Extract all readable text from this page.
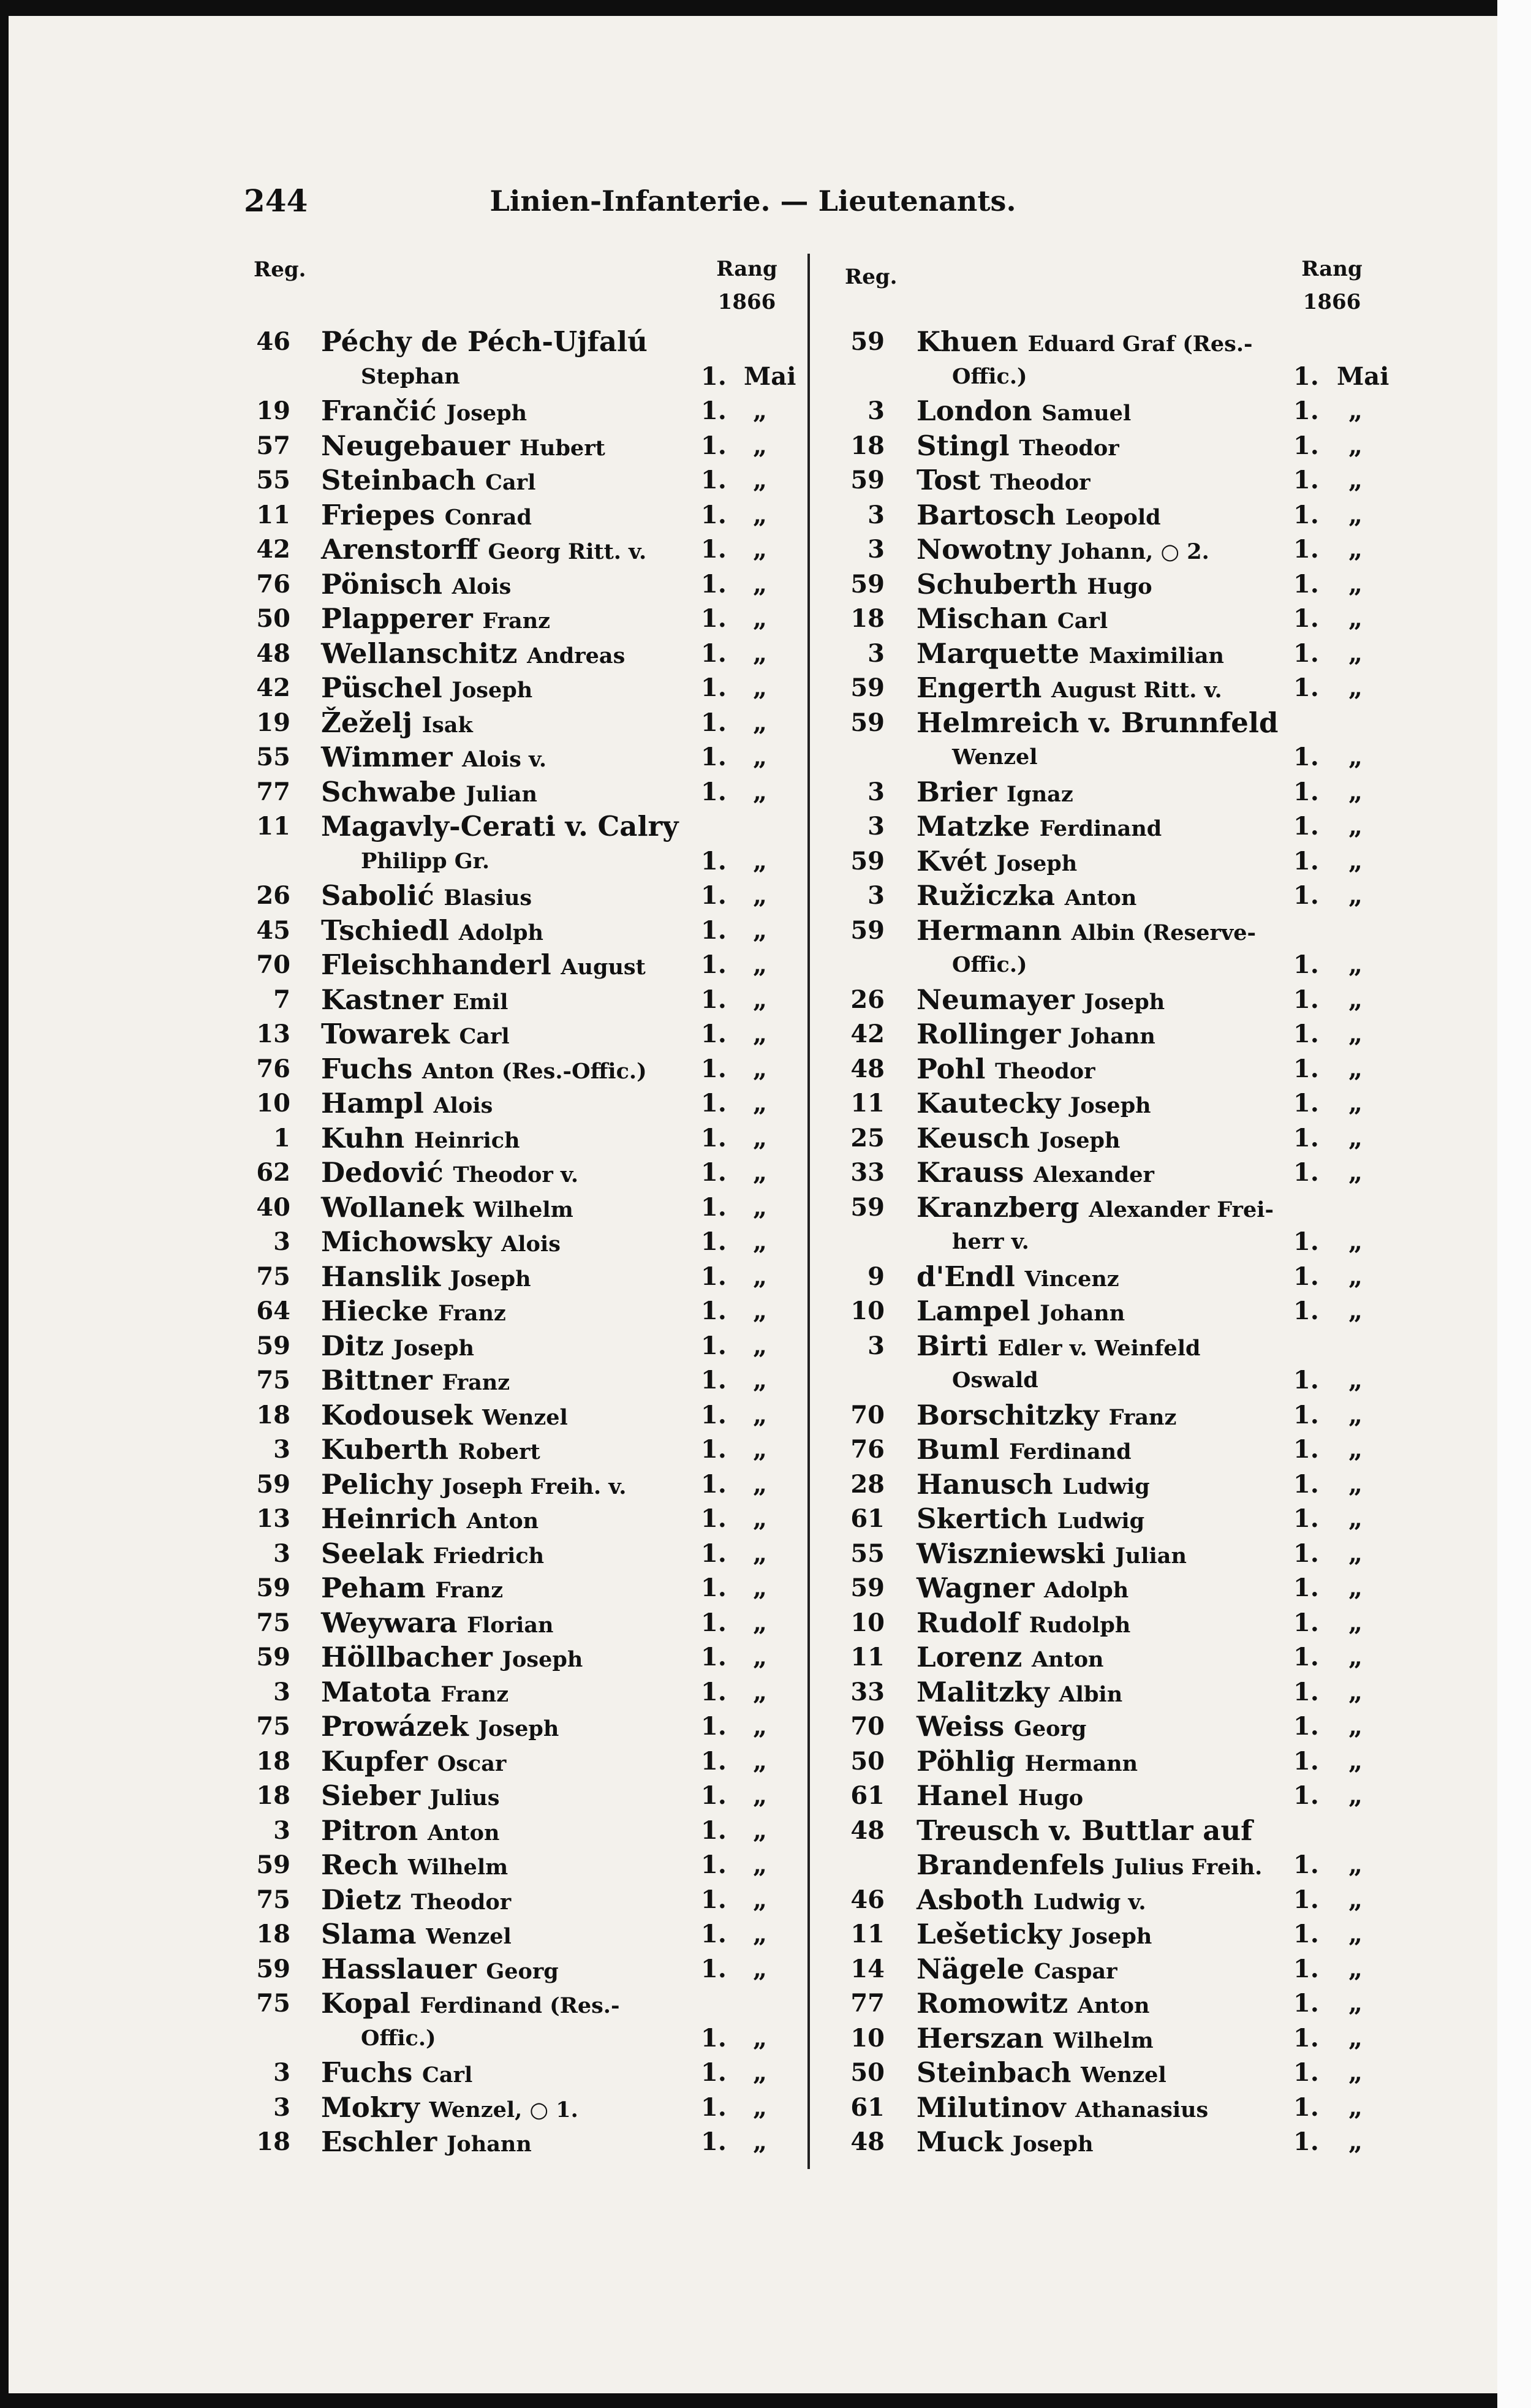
244	Linien-Infanterie. — Lieutenants.
Reg.	Rang
1866
46 Péchy de Péch-Ujfalú
Stephan	1. Mai
19 Frančić Joseph	1. „
57 Neugebauer Hubert	1. „
55 Steinbach Carl	1. „
11 Friepes Conrad	1. „
42 Arenstorff Georg Ritt. v. 1. „
76 Pönisch Alois	1. „
50 Plapperer Franz	1. „
48 Wellanschitz Andreas	1. „
42 Püschel Joseph	1. „
19 Žeželj Isak	1. „
55 Wimmer Alois v.	1. „
77 Schwabe Julian	1. „
11 Magavly-Cerati v. Calry
Philipp Gr.	1. „
26 Sabolić Blasius	1. „
45 Tschiedl Adolph	1. „
70 Fleischhanderl August 1. „
7 Kastner Emil	1. „
13 Towarek Carl	1. „
76 Fuchs Anton (Res.-Offic.) 1. „
10 Hampl Alois	1. „
1 Kuhn Heinrich	1. „
62 Dedović Theodor v.	1. „
40 Wollanek Wilhelm	1. „
3 Michowsky Alois	1. „
75 Hanslik Joseph	1. „
64 Hiecke Franz	1. „
59 Ditz Joseph	1. „
75 Bittner Franz	1. „
18 Kodousek Wenzel	1. „
3 Kuberth Robert	1. „
59 Pelichy Joseph Freih. v.	1. „
13 Heinrich Anton	1. „
3 Seelak Friedrich	1. „
59 Peham Franz	1. „
75 Weywara Florian	1. „
59 Höllbacher Joseph	1. „
3 Matota Franz	1. „
75 Prowázek Joseph	1. „
18 Kupfer Oscar	1. „
18 Sieber Julius	1. „
3 Pitron Anton	1. „
59 Rech Wilhelm	1. „
75 Dietz Theodor	1. „
18 Slama Wenzel	1. „
59 Hasslauer Georg	1. „
75 Kopal Ferdinand (Res.-
Offic.)	1. „
3 Fuchs Carl	1. „
3 Mokry Wenzel, ○ 1.	1. „
18 Eschler Johann	1. „
Reg.	Rang
1866
59 Khuen Eduard Graf (Res.-
Offic.)	1. Mai
3 London Samuel	1. „
18 Stingl Theodor	1. „
59 Tost Theodor	1. „
3 Bartosch Leopold	1. „
3 Nowotny Johann, ○ 2.	1. „
59 Schuberth Hugo	1. „
18 Mischan Carl	1. „
3 Marquette Maximilian	1. „
59 Engerth August Ritt. v.	1. „
59 Helmreich v. Brunnfeld
Wenzel	1. „
3 Brier Ignaz	1. „
3 Matzke Ferdinand	1. „
59 Kvét Joseph	1. „
3 Ružiczka Anton	1. „
59 Hermann Albin (Reserve-
Offic.)	1. „
26 Neumayer Joseph	1. „
42 Rollinger Johann	1. „
48 Pohl Theodor	1. „
11 Kautecky Joseph	1. „
25 Keusch Joseph	1. „
33 Krauss Alexander	1. „
59 Kranzberg Alexander Frei-
herr v.	1. „
9 d'Endl Vincenz	1. „
10 Lampel Johann	1. „
3 Birti Edler v. Weinfeld
Oswald	1. „
70 Borschitzky Franz	1. „
76 Buml Ferdinand	1. „
28 Hanusch Ludwig	1. „
61 Skertich Ludwig	1. „
55 Wiszniewski Julian	1. „
59 Wagner Adolph	1. „
10 Rudolf Rudolph	1. „
11 Lorenz Anton	1. „
33 Malitzky Albin	1. „
70 Weiss Georg	1. „
50 Pöhlig Hermann	1. „
61 Hanel Hugo	1. „
48 Treusch v. Buttlar auf
Brandenfels Julius Freih. 1. „
46 Asboth Ludwig v.	1. „
11 Lešeticky Joseph	1. „
14 Nägele Caspar	1. „
77 Romowitz Anton	1. „
10 Herszan Wilhelm	1. „
50 Steinbach Wenzel	1. „
61 Milutinov Athanasius	1. „
48 Muck Joseph	1. „
